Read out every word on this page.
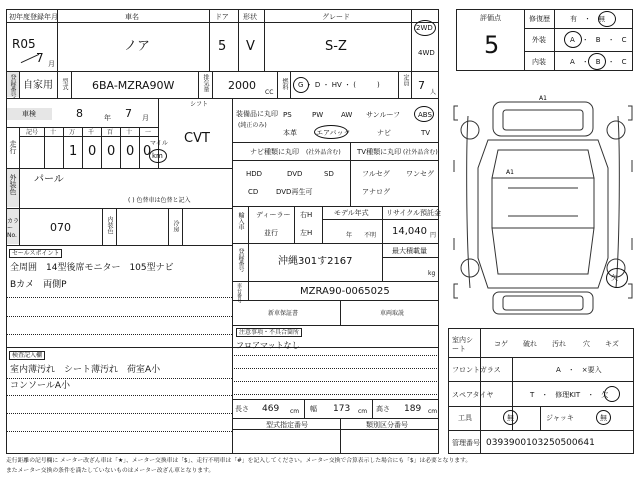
初年度登録年月
R05
7 月
車名
ノア
ドア
5
形状
V
グレード
S-Z
2WD
4WD
登録番号 自家用 型式 6BA-MZRA90W	排気量 2000
CC
燃料 G ・ D ・ HV ・ (　　　)	定員 7
人
車検	8	年 7 月
シフト
CVT
走行
記号 十 万 千 百 十 一
1 0 0 0 0
マイル
km
外装色 パール
( ) 色替車は色替と記入
カラーNo.
070	内装色	冷房
セールスポイント
全周囲　14型後席モニター　105型ナビ
Bカメ　両側P
検査記入欄
室内薄汚れ　シート薄汚れ　荷室A小
コンソールA小
装備品に丸印
(純正のみ)
PS	PW	AW サンルーフ	ABS
本革	エアバック	ナビ	TV
ナビ種類に丸印 (社外品含む) TV種類に丸印 (社外品含む)
HDD	DVD	SD
CD	DVD再生可
フルセグ ワンセグ
アナログ
輸入車 ディーラー
並行
右H
左H
モデル年式
年 不明
リサイクル預託金
14,040 円
登録番号	沖縄301す2167
最大積載量
kg
車台番号	MZRA90-0065025
新車保証書	車両取説
注意事項・不具合箇所
フロアマットなし
長さ 469 cm 幅 173 cm 高さ 189 cm
型式指定番号	類別区分番号
評価点
5
修復歴	有　・　無
外装	A　・　B　・　C
内装	A　・　B　・　C
A1
A1
欠
室内シート
コゲ 破れ 汚れ 穴 キズ
フロントガラス	A　・　×要入
スペアタイヤ	T　・　修理KIT　・　欠
工具	無	ジャッキ	無
管理番号 0393900103250500641
走行距離の記号欄に メーター改ざん車は「★」、メーター交換車は「$」、走行不明車は「#」を記入してください。メーター交換で合算表示した場合にも「$」は必要となります。
またメーター交換の条件を満たしていないものはメーター改ざん車となります。
